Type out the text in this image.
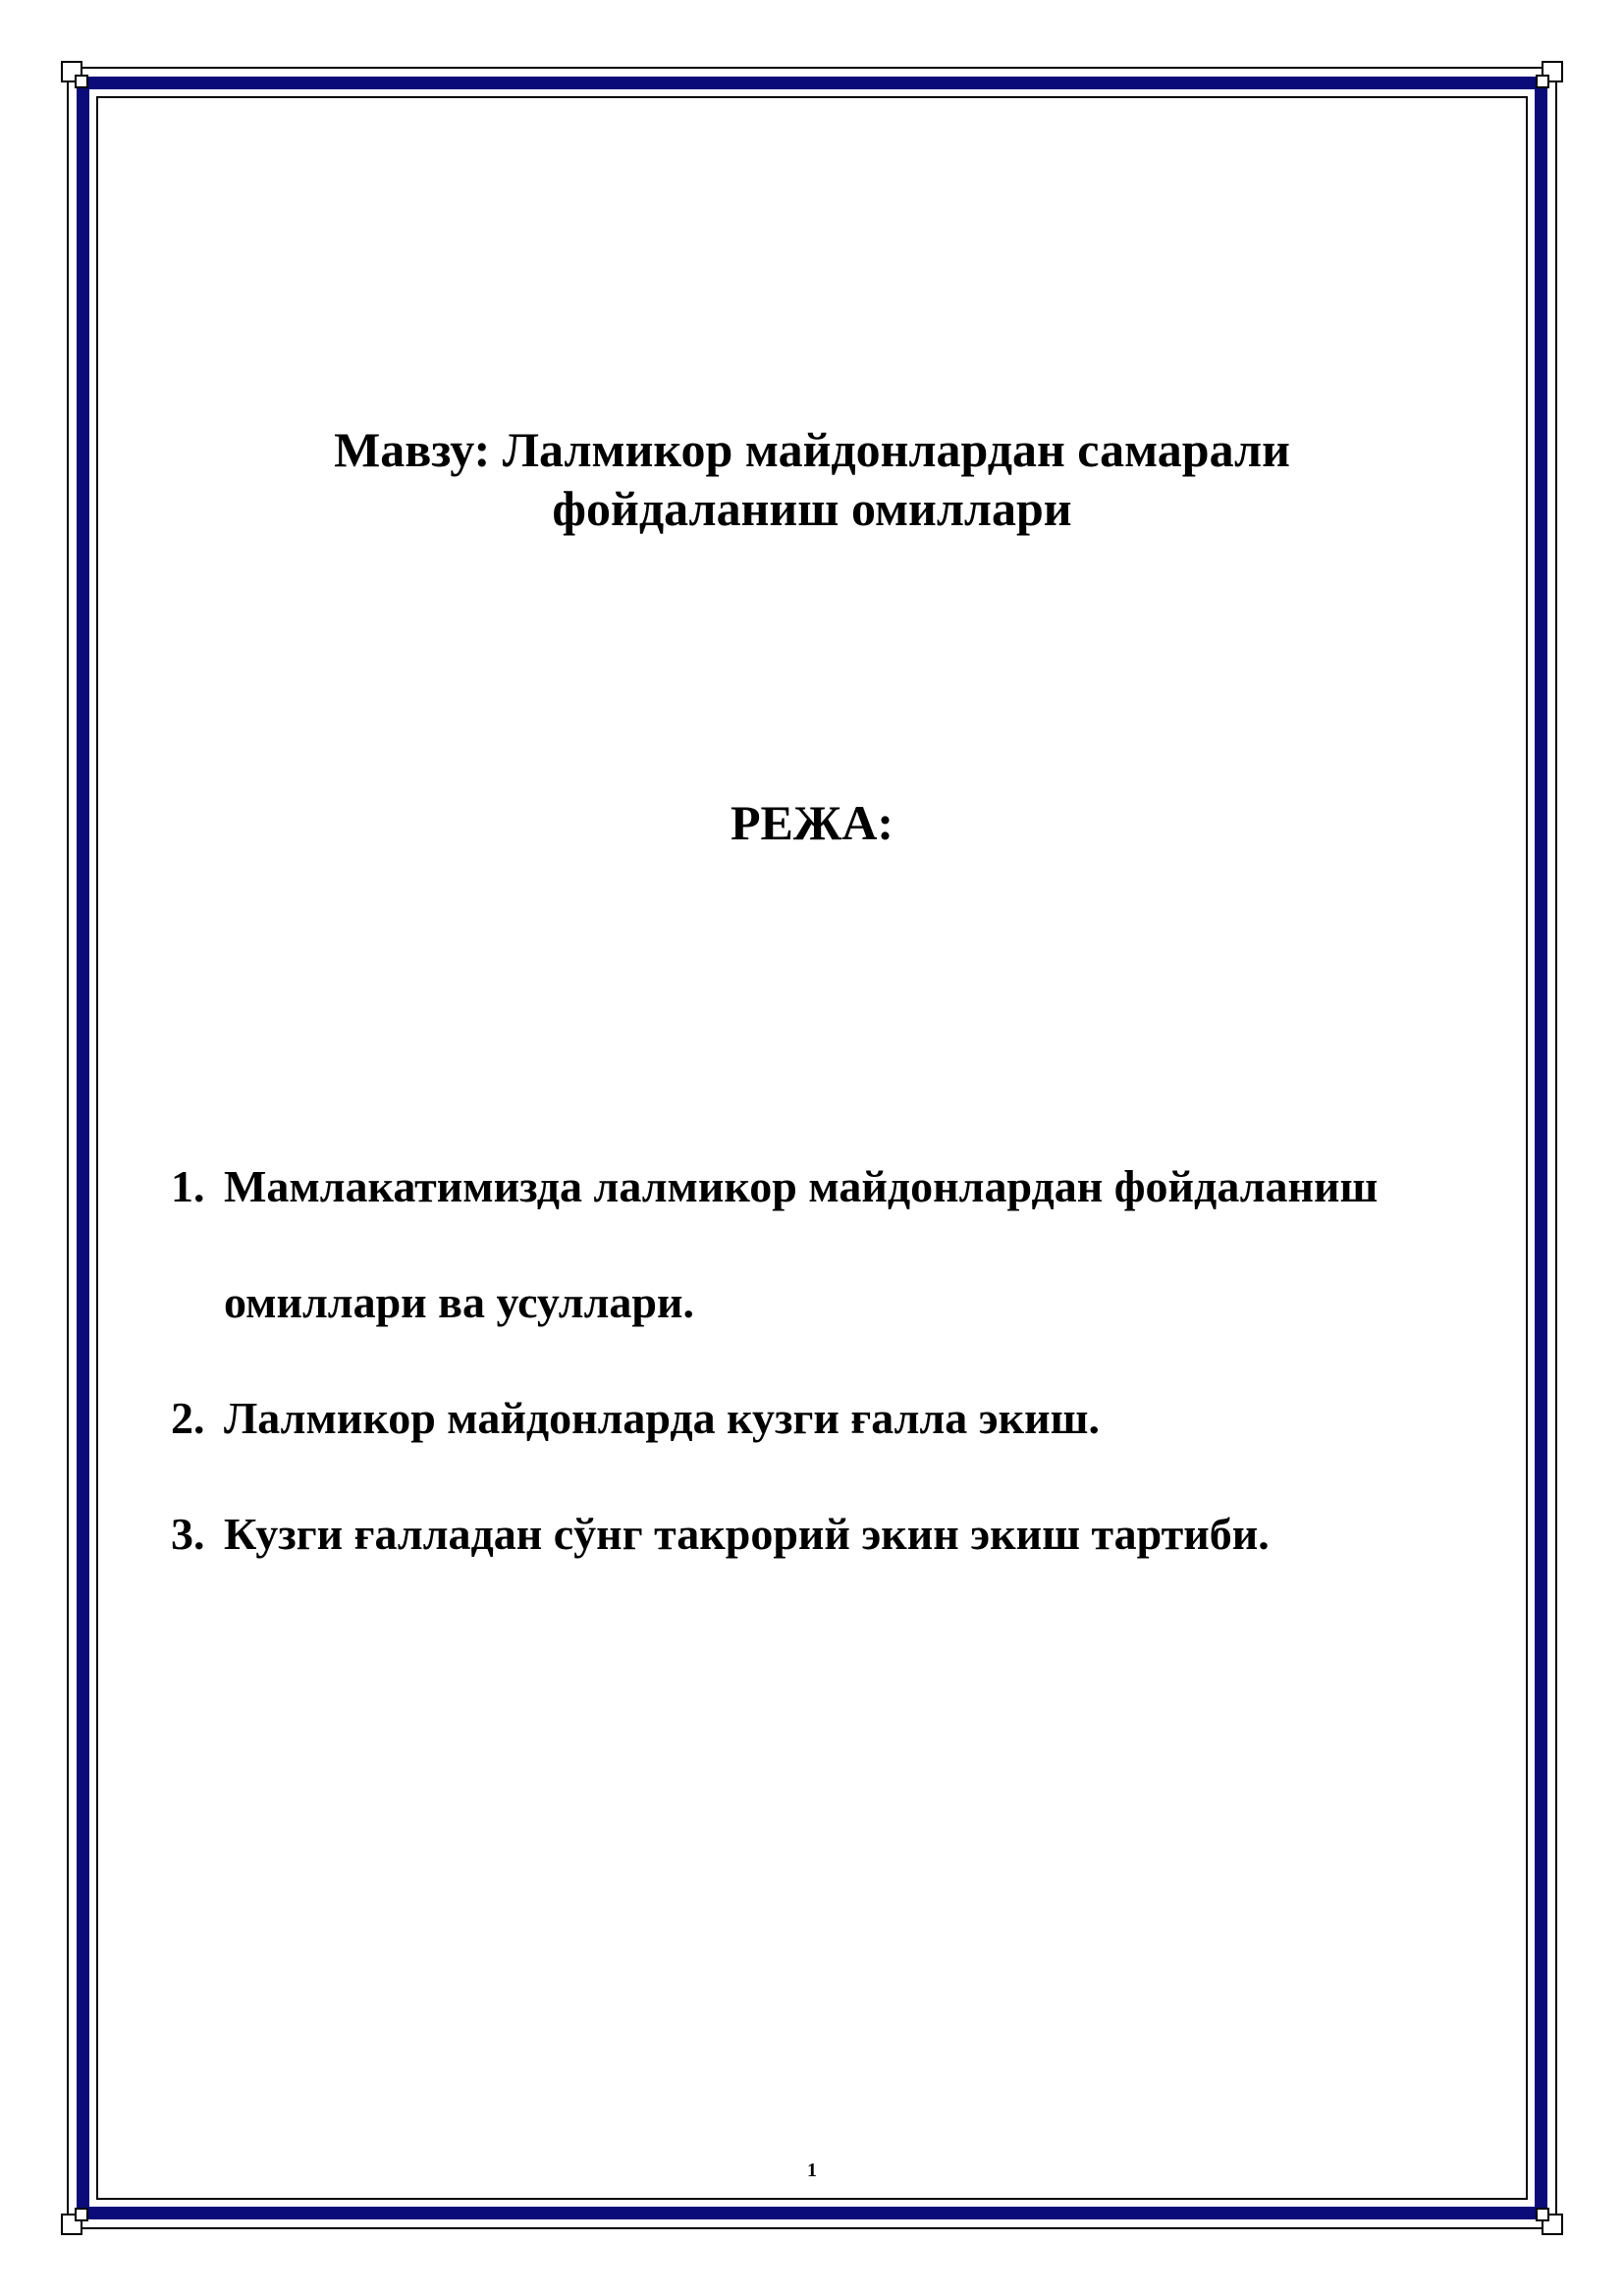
Мавзу: Лалмикор майдонлардан самарали фойдаланиш омиллари
РЕЖА:
1. Мамлакатимизда лалмикор майдонлардан фойдаланиш омиллари ва усуллари.
2. Лалмикор майдонларда кузги ғалла экиш.
3. Кузги ғалладан сўнг такрорий экин экиш тартиби.
1
